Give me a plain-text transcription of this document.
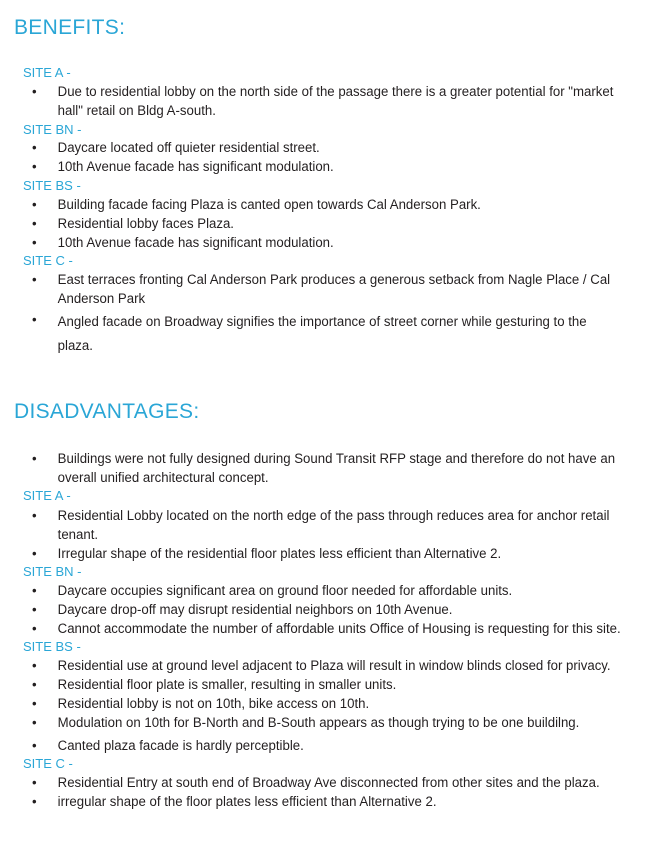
BENEFITS:
SITE A -
• Due to residential lobby on the north side of the passage there is a greater potential for "market
hall" retail on Bldg A-south.
SITE BN -
• Daycare located off quieter residential street.
• 10th Avenue facade has significant modulation.
SITE BS -
• Building facade facing Plaza is canted open towards Cal Anderson Park.
• Residential lobby faces Plaza.
• 10th Avenue facade has significant modulation.
SITE C -
• East terraces fronting Cal Anderson Park produces a generous setback from Nagle Place / Cal
Anderson Park
• Angled facade on Broadway signifies the importance of street corner while gesturing to the
plaza.
DISADVANTAGES:
• Buildings were not fully designed during Sound Transit RFP stage and therefore do not have an
overall unified architectural concept.
SITE A -
• Residential Lobby located on the north edge of the pass through reduces area for anchor retail
tenant.
• Irregular shape of the residential floor plates less efficient than Alternative 2.
SITE BN -
• Daycare occupies significant area on ground floor needed for affordable units.
• Daycare drop-off may disrupt residential neighbors on 10th Avenue.
• Cannot accommodate the number of affordable units Office of Housing is requesting for this site.
SITE BS -
• Residential use at ground level adjacent to Plaza will result in window blinds closed for privacy.
• Residential floor plate is smaller, resulting in smaller units.
• Residential lobby is not on 10th, bike access on 10th.
• Modulation on 10th for B-North and B-South appears as though trying to be one buildilng.
• Canted plaza facade is hardly perceptible.
SITE C -
• Residential Entry at south end of Broadway Ave disconnected from other sites and the plaza.
• irregular shape of the floor plates less efficient than Alternative 2.
